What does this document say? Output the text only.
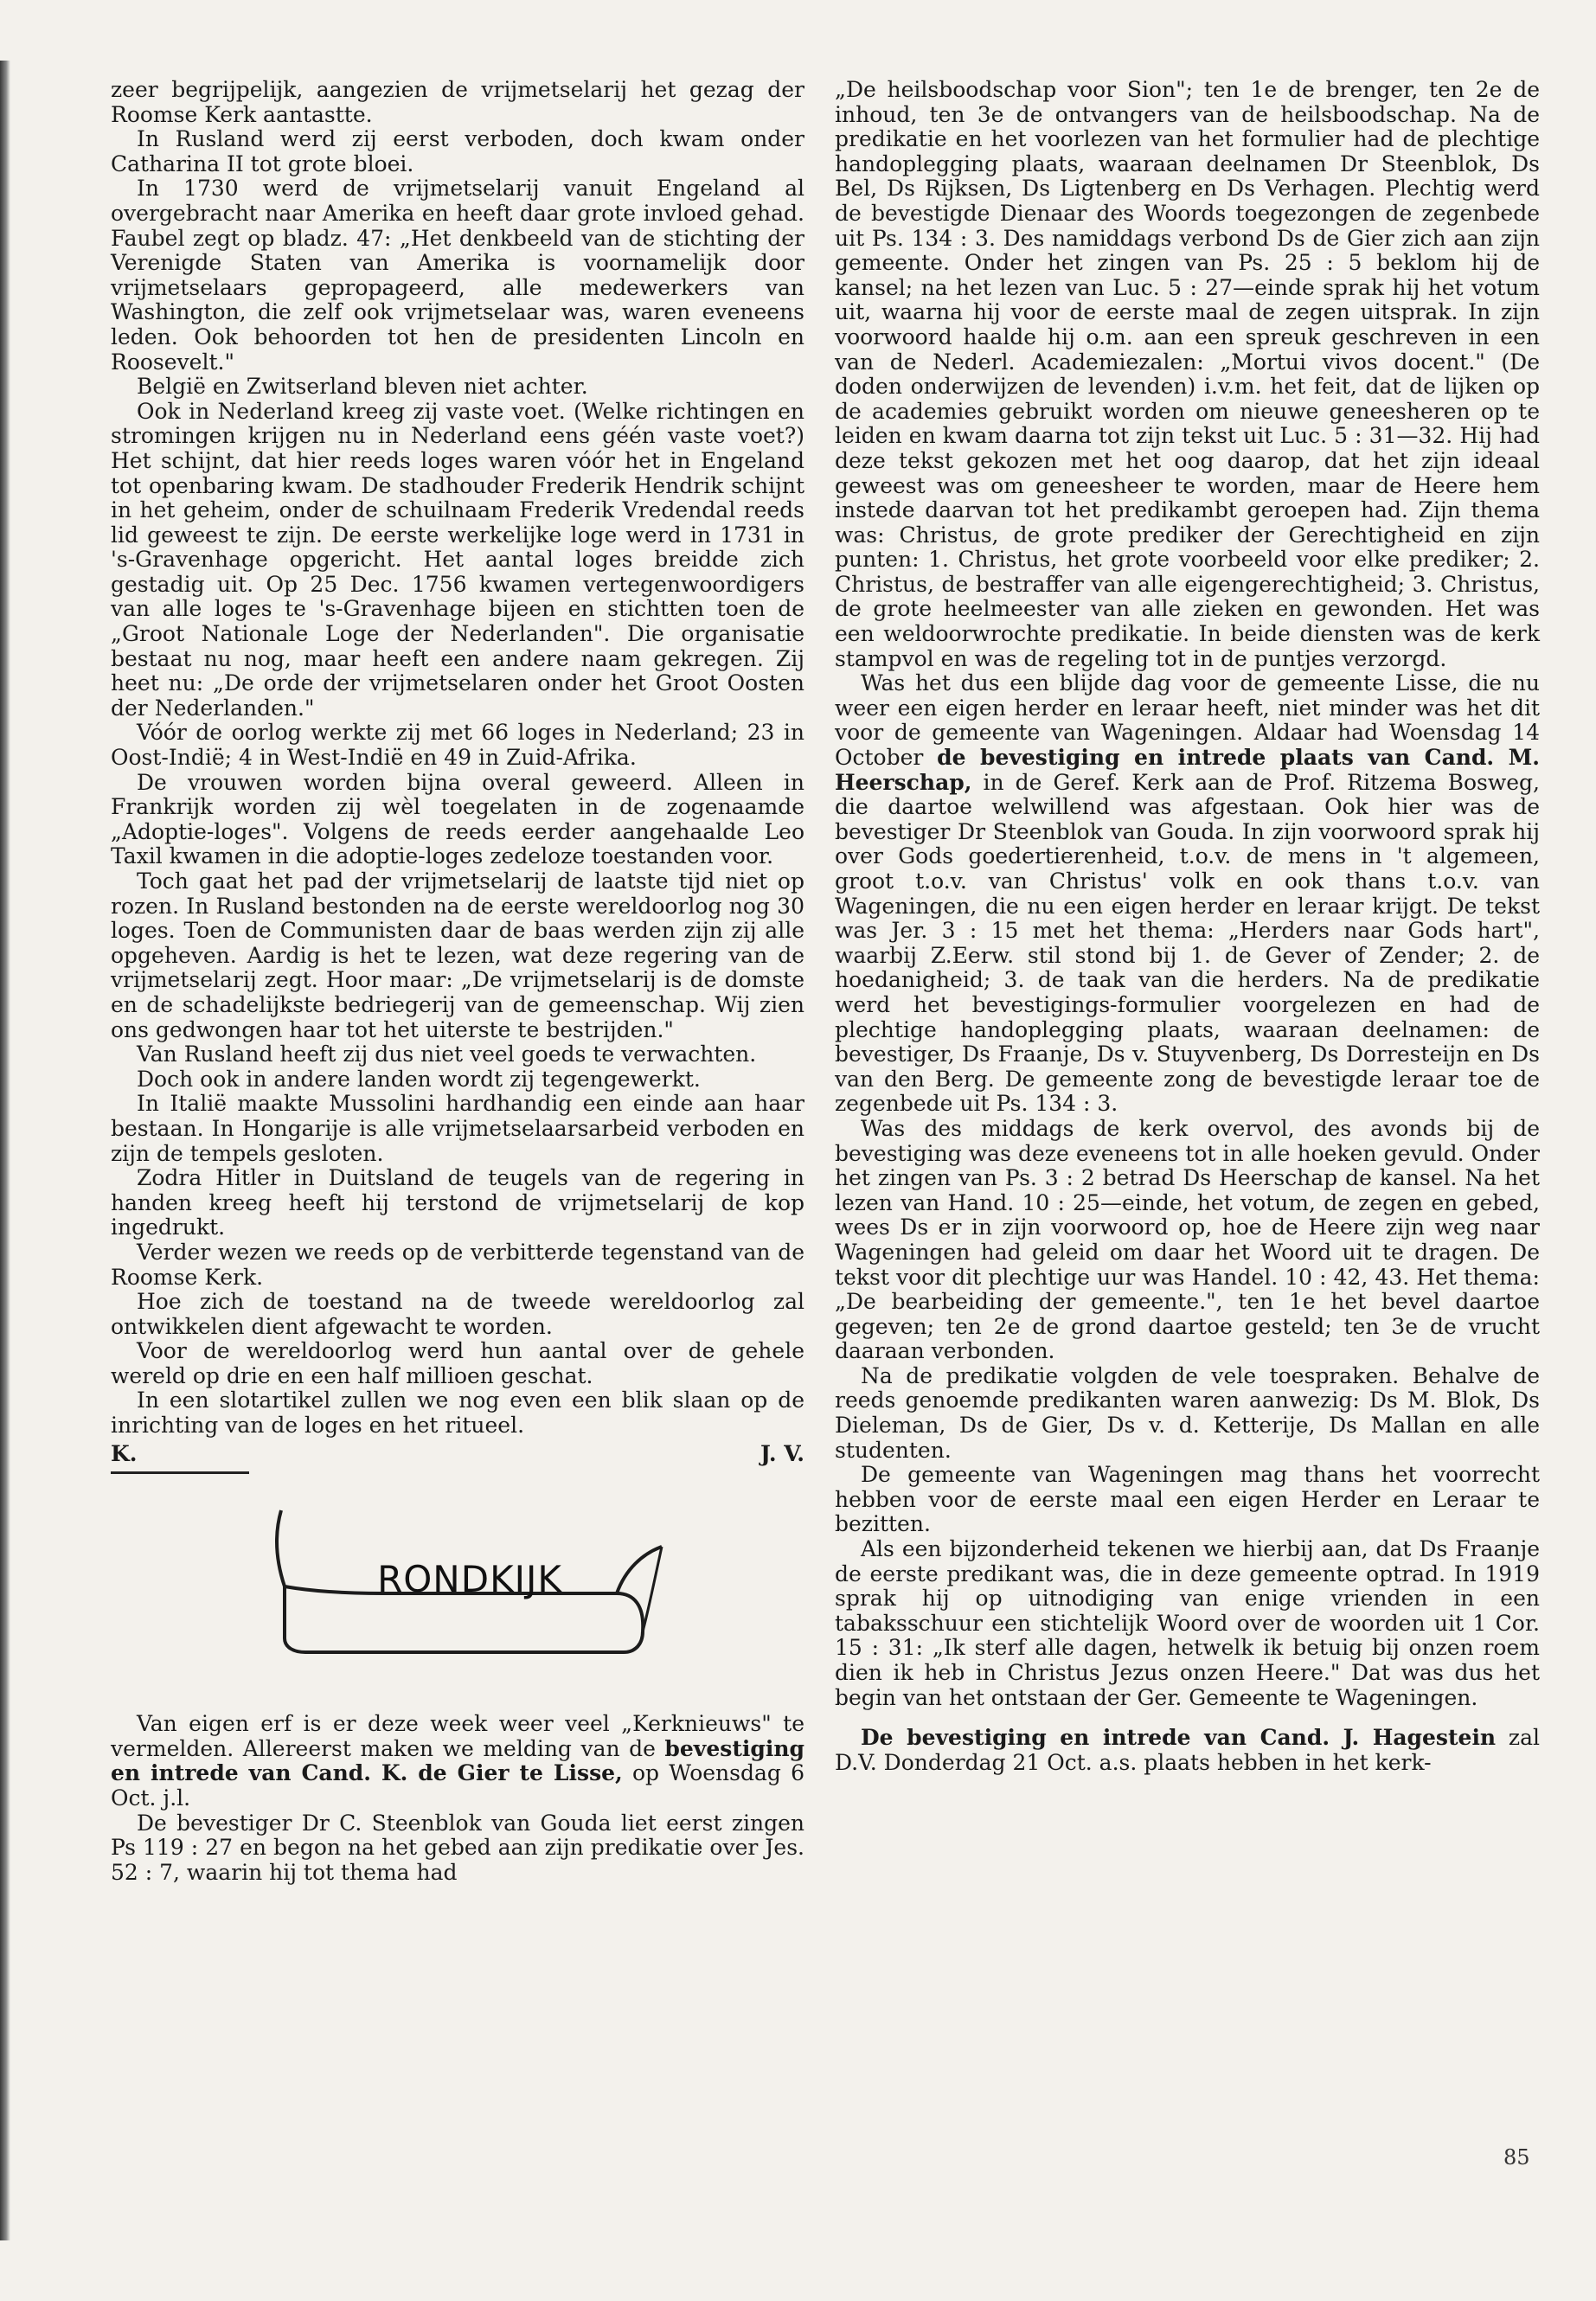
zeer begrijpelijk, aangezien de vrijmetselarij het gezag der Roomse Kerk aantastte.

In Rusland werd zij eerst verboden, doch kwam onder Catharina II tot grote bloei.

In 1730 werd de vrijmetselarij vanuit Engeland al overgebracht naar Amerika en heeft daar grote invloed gehad. Faubel zegt op bladz. 47: „Het denkbeeld van de stichting der Verenigde Staten van Amerika is voornamelijk door vrijmetselaars gepropageerd, alle medewerkers van Washington, die zelf ook vrijmetselaar was, waren eveneens leden. Ook behoorden tot hen de presidenten Lincoln en Roosevelt."

België en Zwitserland bleven niet achter.

Ook in Nederland kreeg zij vaste voet. (Welke richtingen en stromingen krijgen nu in Nederland eens géén vaste voet?) Het schijnt, dat hier reeds loges waren vóór het in Engeland tot openbaring kwam. De stadhouder Frederik Hendrik schijnt in het geheim, onder de schuilnaam Frederik Vredendal reeds lid geweest te zijn. De eerste werkelijke loge werd in 1731 in 's-Gravenhage opgericht. Het aantal loges breidde zich gestadig uit. Op 25 Dec. 1756 kwamen vertegenwoordigers van alle loges te 's-Gravenhage bijeen en stichtten toen de „Groot Nationale Loge der Nederlanden". Die organisatie bestaat nu nog, maar heeft een andere naam gekregen. Zij heet nu: „De orde der vrijmetselaren onder het Groot Oosten der Nederlanden."

Vóór de oorlog werkte zij met 66 loges in Nederland; 23 in Oost-Indië; 4 in West-Indië en 49 in Zuid-Afrika.

De vrouwen worden bijna overal geweerd. Alleen in Frankrijk worden zij wèl toegelaten in de zogenaamde „Adoptie-loges". Volgens de reeds eerder aangehaalde Leo Taxil kwamen in die adoptie-loges zedeloze toestanden voor.

Toch gaat het pad der vrijmetselarij de laatste tijd niet op rozen. In Rusland bestonden na de eerste wereldoorlog nog 30 loges. Toen de Communisten daar de baas werden zijn zij alle opgeheven. Aardig is het te lezen, wat deze regering van de vrijmetselarij zegt. Hoor maar: „De vrijmetselarij is de domste en de schadelijkste bedriegerij van de gemeenschap. Wij zien ons gedwongen haar tot het uiterste te bestrijden."

Van Rusland heeft zij dus niet veel goeds te verwachten.

Doch ook in andere landen wordt zij tegengewerkt.

In Italië maakte Mussolini hardhandig een einde aan haar bestaan. In Hongarije is alle vrijmetselaarsarbeid verboden en zijn de tempels gesloten.

Zodra Hitler in Duitsland de teugels van de regering in handen kreeg heeft hij terstond de vrijmetselarij de kop ingedrukt.

Verder wezen we reeds op de verbitterde tegenstand van de Roomse Kerk.

Hoe zich de toestand na de tweede wereldoorlog zal ontwikkelen dient afgewacht te worden.

Voor de wereldoorlog werd hun aantal over de gehele wereld op drie en een half millioen geschat.

In een slotartikel zullen we nog even een blik slaan op de inrichting van de loges en het ritueel.

K.	J. V.
RONDKIJK

Van eigen erf is er deze week weer veel „Kerknieuws" te vermelden. Allereerst maken we melding van de bevestiging en intrede van Cand. K. de Gier te Lisse, op Woensdag 6 Oct. j.l.

De bevestiger Dr C. Steenblok van Gouda liet eerst zingen Ps 119 : 27 en begon na het gebed aan zijn predikatie over Jes. 52 : 7, waarin hij tot thema had

„De heilsboodschap voor Sion"; ten 1e de brenger, ten 2e de inhoud, ten 3e de ontvangers van de heilsboodschap. Na de predikatie en het voorlezen van het formulier had de plechtige handoplegging plaats, waaraan deelnamen Dr Steenblok, Ds Bel, Ds Rijksen, Ds Ligtenberg en Ds Verhagen. Plechtig werd de bevestigde Dienaar des Woords toegezongen de zegenbede uit Ps. 134 : 3. Des namiddags verbond Ds de Gier zich aan zijn gemeente. Onder het zingen van Ps. 25 : 5 beklom hij de kansel; na het lezen van Luc. 5 : 27—einde sprak hij het votum uit, waarna hij voor de eerste maal de zegen uitsprak. In zijn voorwoord haalde hij o.m. aan een spreuk geschreven in een van de Nederl. Academiezalen: „Mortui vivos docent." (De doden onderwijzen de levenden) i.v.m. het feit, dat de lijken op de academies gebruikt worden om nieuwe geneesheren op te leiden en kwam daarna tot zijn tekst uit Luc. 5 : 31—32. Hij had deze tekst gekozen met het oog daarop, dat het zijn ideaal geweest was om geneesheer te worden, maar de Heere hem instede daarvan tot het predikambt geroepen had. Zijn thema was: Christus, de grote prediker der Gerechtigheid en zijn punten: 1. Christus, het grote voorbeeld voor elke prediker; 2. Christus, de bestraffer van alle eigengerechtigheid; 3. Christus, de grote heelmeester van alle zieken en gewonden. Het was een weldoorwrochte predikatie. In beide diensten was de kerk stampvol en was de regeling tot in de puntjes verzorgd.

Was het dus een blijde dag voor de gemeente Lisse, die nu weer een eigen herder en leraar heeft, niet minder was het dit voor de gemeente van Wageningen. Aldaar had Woensdag 14 October de bevestiging en intrede plaats van Cand. M. Heerschap, in de Geref. Kerk aan de Prof. Ritzema Bosweg, die daartoe welwillend was afgestaan. Ook hier was de bevestiger Dr Steenblok van Gouda. In zijn voorwoord sprak hij over Gods goedertierenheid, t.o.v. de mens in 't algemeen, groot t.o.v. van Christus' volk en ook thans t.o.v. van Wageningen, die nu een eigen herder en leraar krijgt. De tekst was Jer. 3 : 15 met het thema: „Herders naar Gods hart", waarbij Z.Eerw. stil stond bij 1. de Gever of Zender; 2. de hoedanigheid; 3. de taak van die herders. Na de predikatie werd het bevestigings-formulier voorgelezen en had de plechtige handoplegging plaats, waaraan deelnamen: de bevestiger, Ds Fraanje, Ds v. Stuyvenberg, Ds Dorresteijn en Ds van den Berg. De gemeente zong de bevestigde leraar toe de zegenbede uit Ps. 134 : 3.

Was des middags de kerk overvol, des avonds bij de bevestiging was deze eveneens tot in alle hoeken gevuld. Onder het zingen van Ps. 3 : 2 betrad Ds Heerschap de kansel. Na het lezen van Hand. 10 : 25—einde, het votum, de zegen en gebed, wees Ds er in zijn voorwoord op, hoe de Heere zijn weg naar Wageningen had geleid om daar het Woord uit te dragen. De tekst voor dit plechtige uur was Handel. 10 : 42, 43. Het thema: „De bearbeiding der gemeente.", ten 1e het bevel daartoe gegeven; ten 2e de grond daartoe gesteld; ten 3e de vrucht daaraan verbonden.

Na de predikatie volgden de vele toespraken. Behalve de reeds genoemde predikanten waren aanwezig: Ds M. Blok, Ds Dieleman, Ds de Gier, Ds v. d. Ketterije, Ds Mallan en alle studenten.

De gemeente van Wageningen mag thans het voorrecht hebben voor de eerste maal een eigen Herder en Leraar te bezitten.

Als een bijzonderheid tekenen we hierbij aan, dat Ds Fraanje de eerste predikant was, die in deze gemeente optrad. In 1919 sprak hij op uitnodiging van enige vrienden in een tabaksschuur een stichtelijk Woord over de woorden uit 1 Cor. 15 : 31: „Ik sterf alle dagen, hetwelk ik betuig bij onzen roem dien ik heb in Christus Jezus onzen Heere." Dat was dus het begin van het ontstaan der Ger. Gemeente te Wageningen.

De bevestiging en intrede van Cand. J. Hagestein zal D.V. Donderdag 21 Oct. a.s. plaats hebben in het kerk-

85
